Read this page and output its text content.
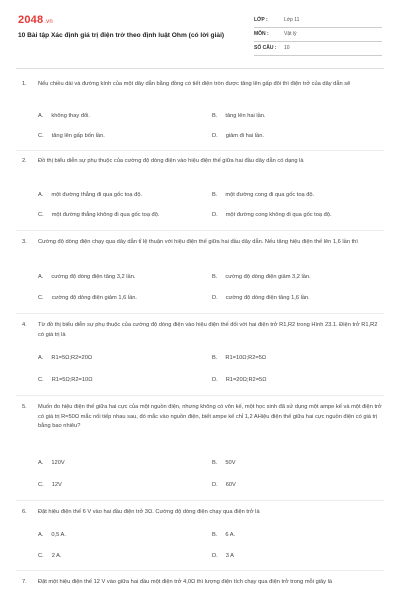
2048.vn
10 Bài tập Xác định giá trị điện trở theo định luật Ohm (có lời giải)
LỚP :	Lớp 11
MÔN :	Vật lý
SỐ CÂU : 10
1. Nếu chiều dài và đường kính của một dây dẫn bằng đồng có tiết diện tròn được tăng lên gấp đôi thì điện trở của dây dẫn sẽ
A. không thay đổi.	B. tăng lên hai lần.
C. tăng lên gấp bốn lần.	D. giảm đi hai lần.
2. Đồ thị biểu diễn sự phụ thuộc của cường độ dòng điện vào hiệu điện thế giữa hai đầu dây dẫn có dạng là
A. một đường thẳng đi qua gốc toạ độ.	B. một đường cong đi qua gốc toạ độ.
C. một đường thẳng không đi qua gốc toạ độ.	D. một đường cong không đi qua gốc toạ độ.
3. Cường độ dòng điện chạy qua dây dẫn tỉ lệ thuận với hiệu điện thế giữa hai đầu dây dẫn. Nếu tăng hiệu điện thế lên 1,6 lần thì
A. cường độ dòng điện tăng 3,2 lần.	B. cường độ dòng điện giảm 3,2 lần.
C. cường độ dòng điện giảm 1,6 lần.	D. cường độ dòng điện tăng 1,6 lần.
4. Từ đồ thị biểu diễn sự phụ thuộc của cường độ dòng điện vào hiệu điện thế đối với hai điện trở R1,R2 trong Hình 23.1. Điện trở R1,R2 có giá trị là
A. R1=5Ω;R2=20Ω	B. R1=10Ω;R2=5Ω
C. R1=5Ω;R2=10Ω	D. R1=20Ω;R2=5Ω
5. Muốn đo hiệu điện thế giữa hai cực của một nguồn điện, nhưng không có vôn kế, một học sinh đã sử dụng một ampe kế và một điện trở có giá trị R=50Ω mắc nối tiếp nhau sau, đó mắc vào nguồn điện, biết ampe kế chỉ 1,2 AHiệu điện thế giữa hai cực nguồn điện có giá trị bằng bao nhiêu?
A. 120V	B. 50V
C. 12V	D. 60V
6. Đặt hiệu điện thế 6 V vào hai đầu điện trở 3Ω. Cường độ dòng điện chạy qua điện trở là
A. 0,5 A.	B. 6 A.
C. 2 A.	D. 3 A
7. Đặt một hiệu điện thế 12 V vào giữa hai đầu một điện trở 4,0Ω thì lượng điện tích chạy qua điện trở trong mỗi giây là
